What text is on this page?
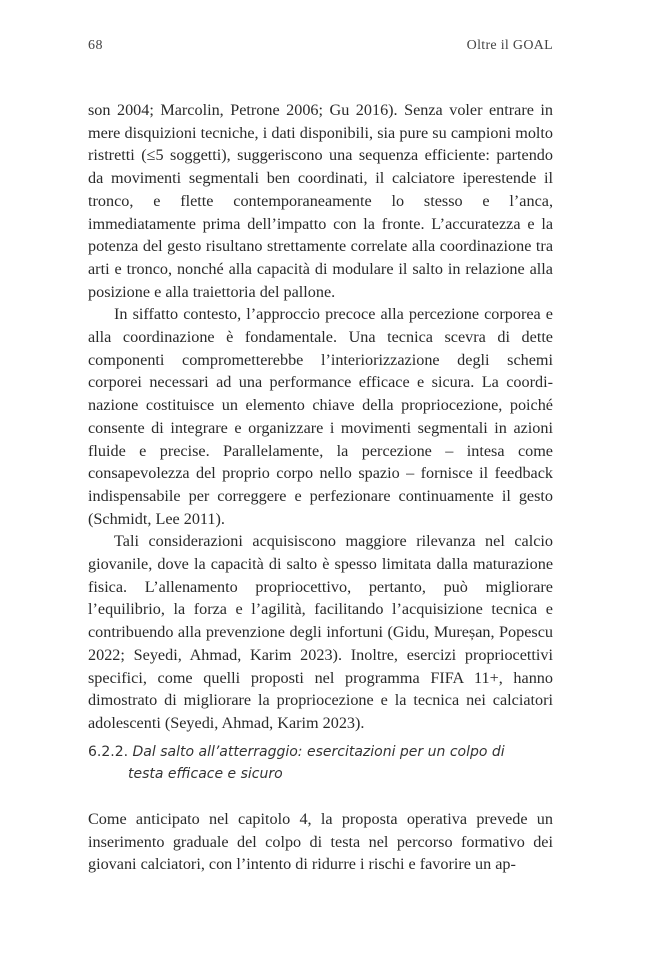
68	Oltre il GOAL

son 2004; Marcolin, Petrone 2006; Gu 2016). Senza voler entrare in mere disquizioni tecniche, i dati disponibili, sia pure su campioni molto ristretti (≤5 soggetti), suggeriscono una sequenza efficiente: partendo da movimenti segmentali ben coordinati, il calciatore iperestende il tronco, e flette contemporaneamente lo stesso e l’anca, immediatamente prima dell’impatto con la fronte. L’accuratezza e la potenza del gesto risultano strettamente correlate alla coordinazione tra arti e tronco, nonché alla capacità di modulare il salto in relazione alla posizione e alla traiettoria del pallone.

In siffatto contesto, l’approccio precoce alla percezione corporea e alla coordinazione è fondamentale. Una tecnica scevra di dette componenti comprometterebbe l’interiorizzazione degli schemi corporei necessari ad una performance efficace e sicura. La coordinazione costituisce un elemento chiave della propriocezione, poiché consente di integrare e organizzare i movimenti segmentali in azioni fluide e precise. Parallelamente, la percezione – intesa come consapevolezza del proprio corpo nello spazio – fornisce il feedback indispensabile per correggere e perfezionare continuamente il gesto (Schmidt, Lee 2011).

Tali considerazioni acquisiscono maggiore rilevanza nel calcio giovanile, dove la capacità di salto è spesso limitata dalla maturazione fisica. L’allenamento propriocettivo, pertanto, può migliorare l’equilibrio, la forza e l’agilità, facilitando l’acquisizione tecnica e contribuendo alla prevenzione degli infortuni (Gidu, Mureșan, Popescu 2022; Seyedi, Ahmad, Karim 2023). Inoltre, esercizi propriocettivi specifici, come quelli proposti nel programma FIFA 11+, hanno dimostrato di migliorare la propriocezione e la tecnica nei calciatori adolescenti (Seyedi, Ahmad, Karim 2023).

6.2.2. Dal salto all’atterraggio: esercitazioni per un colpo di
testa efficace e sicuro

Come anticipato nel capitolo 4, la proposta operativa prevede un inserimento graduale del colpo di testa nel percorso formativo dei giovani calciatori, con l’intento di ridurre i rischi e favorire un ap-
